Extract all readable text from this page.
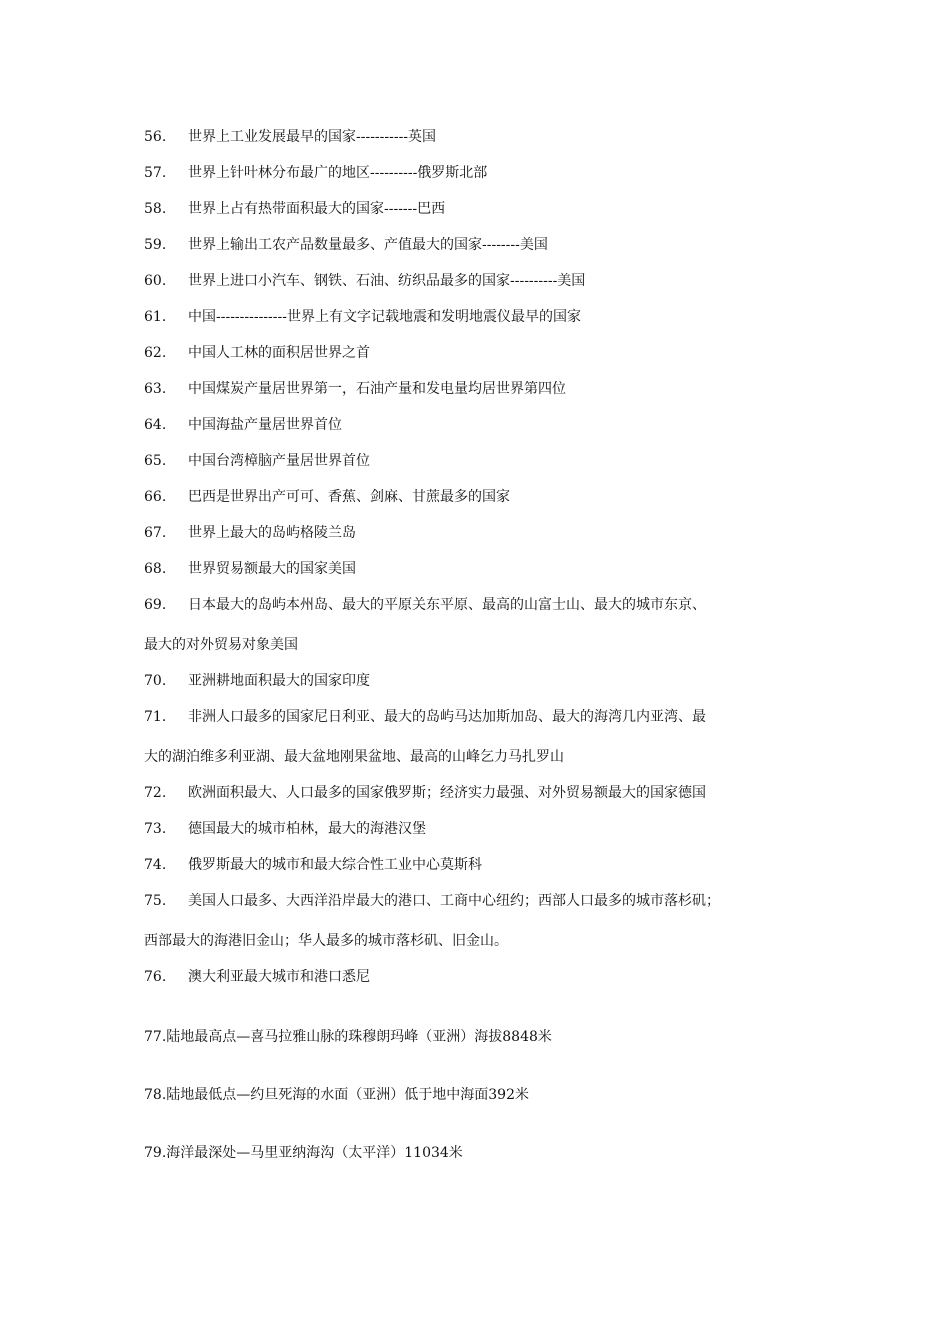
56. 世界上工业发展最早的国家-----------英国
57. 世界上针叶林分布最广的地区----------俄罗斯北部
58. 世界上占有热带面积最大的国家-------巴西
59. 世界上输出工农产品数量最多、产值最大的国家--------美国
60. 世界上进口小汽车、钢铁、石油、纺织品最多的国家----------美国
61. 中国---------------世界上有文字记载地震和发明地震仪最早的国家
62. 中国人工林的面积居世界之首
63. 中国煤炭产量居世界第一，石油产量和发电量均居世界第四位
64. 中国海盐产量居世界首位
65. 中国台湾樟脑产量居世界首位
66. 巴西是世界出产可可、香蕉、剑麻、甘蔗最多的国家
67. 世界上最大的岛屿格陵兰岛
68. 世界贸易额最大的国家美国
69. 日本最大的岛屿本州岛、最大的平原关东平原、最高的山富士山、最大的城市东京、
最大的对外贸易对象美国
70. 亚洲耕地面积最大的国家印度
71. 非洲人口最多的国家尼日利亚、最大的岛屿马达加斯加岛、最大的海湾几内亚湾、最
大的湖泊维多利亚湖、最大盆地刚果盆地、最高的山峰乞力马扎罗山
72. 欧洲面积最大、人口最多的国家俄罗斯；经济实力最强、对外贸易额最大的国家德国
73. 德国最大的城市柏林，最大的海港汉堡
74. 俄罗斯最大的城市和最大综合性工业中心莫斯科
75. 美国人口最多、大西洋沿岸最大的港口、工商中心纽约；西部人口最多的城市落杉矶；
西部最大的海港旧金山；华人最多的城市落杉矶、旧金山。
76. 澳大利亚最大城市和港口悉尼
77.陆地最高点—喜马拉雅山脉的珠穆朗玛峰（亚洲）海拔8848米
78.陆地最低点—约旦死海的水面（亚洲）低于地中海面392米
79.海洋最深处—马里亚纳海沟（太平洋）11034米
